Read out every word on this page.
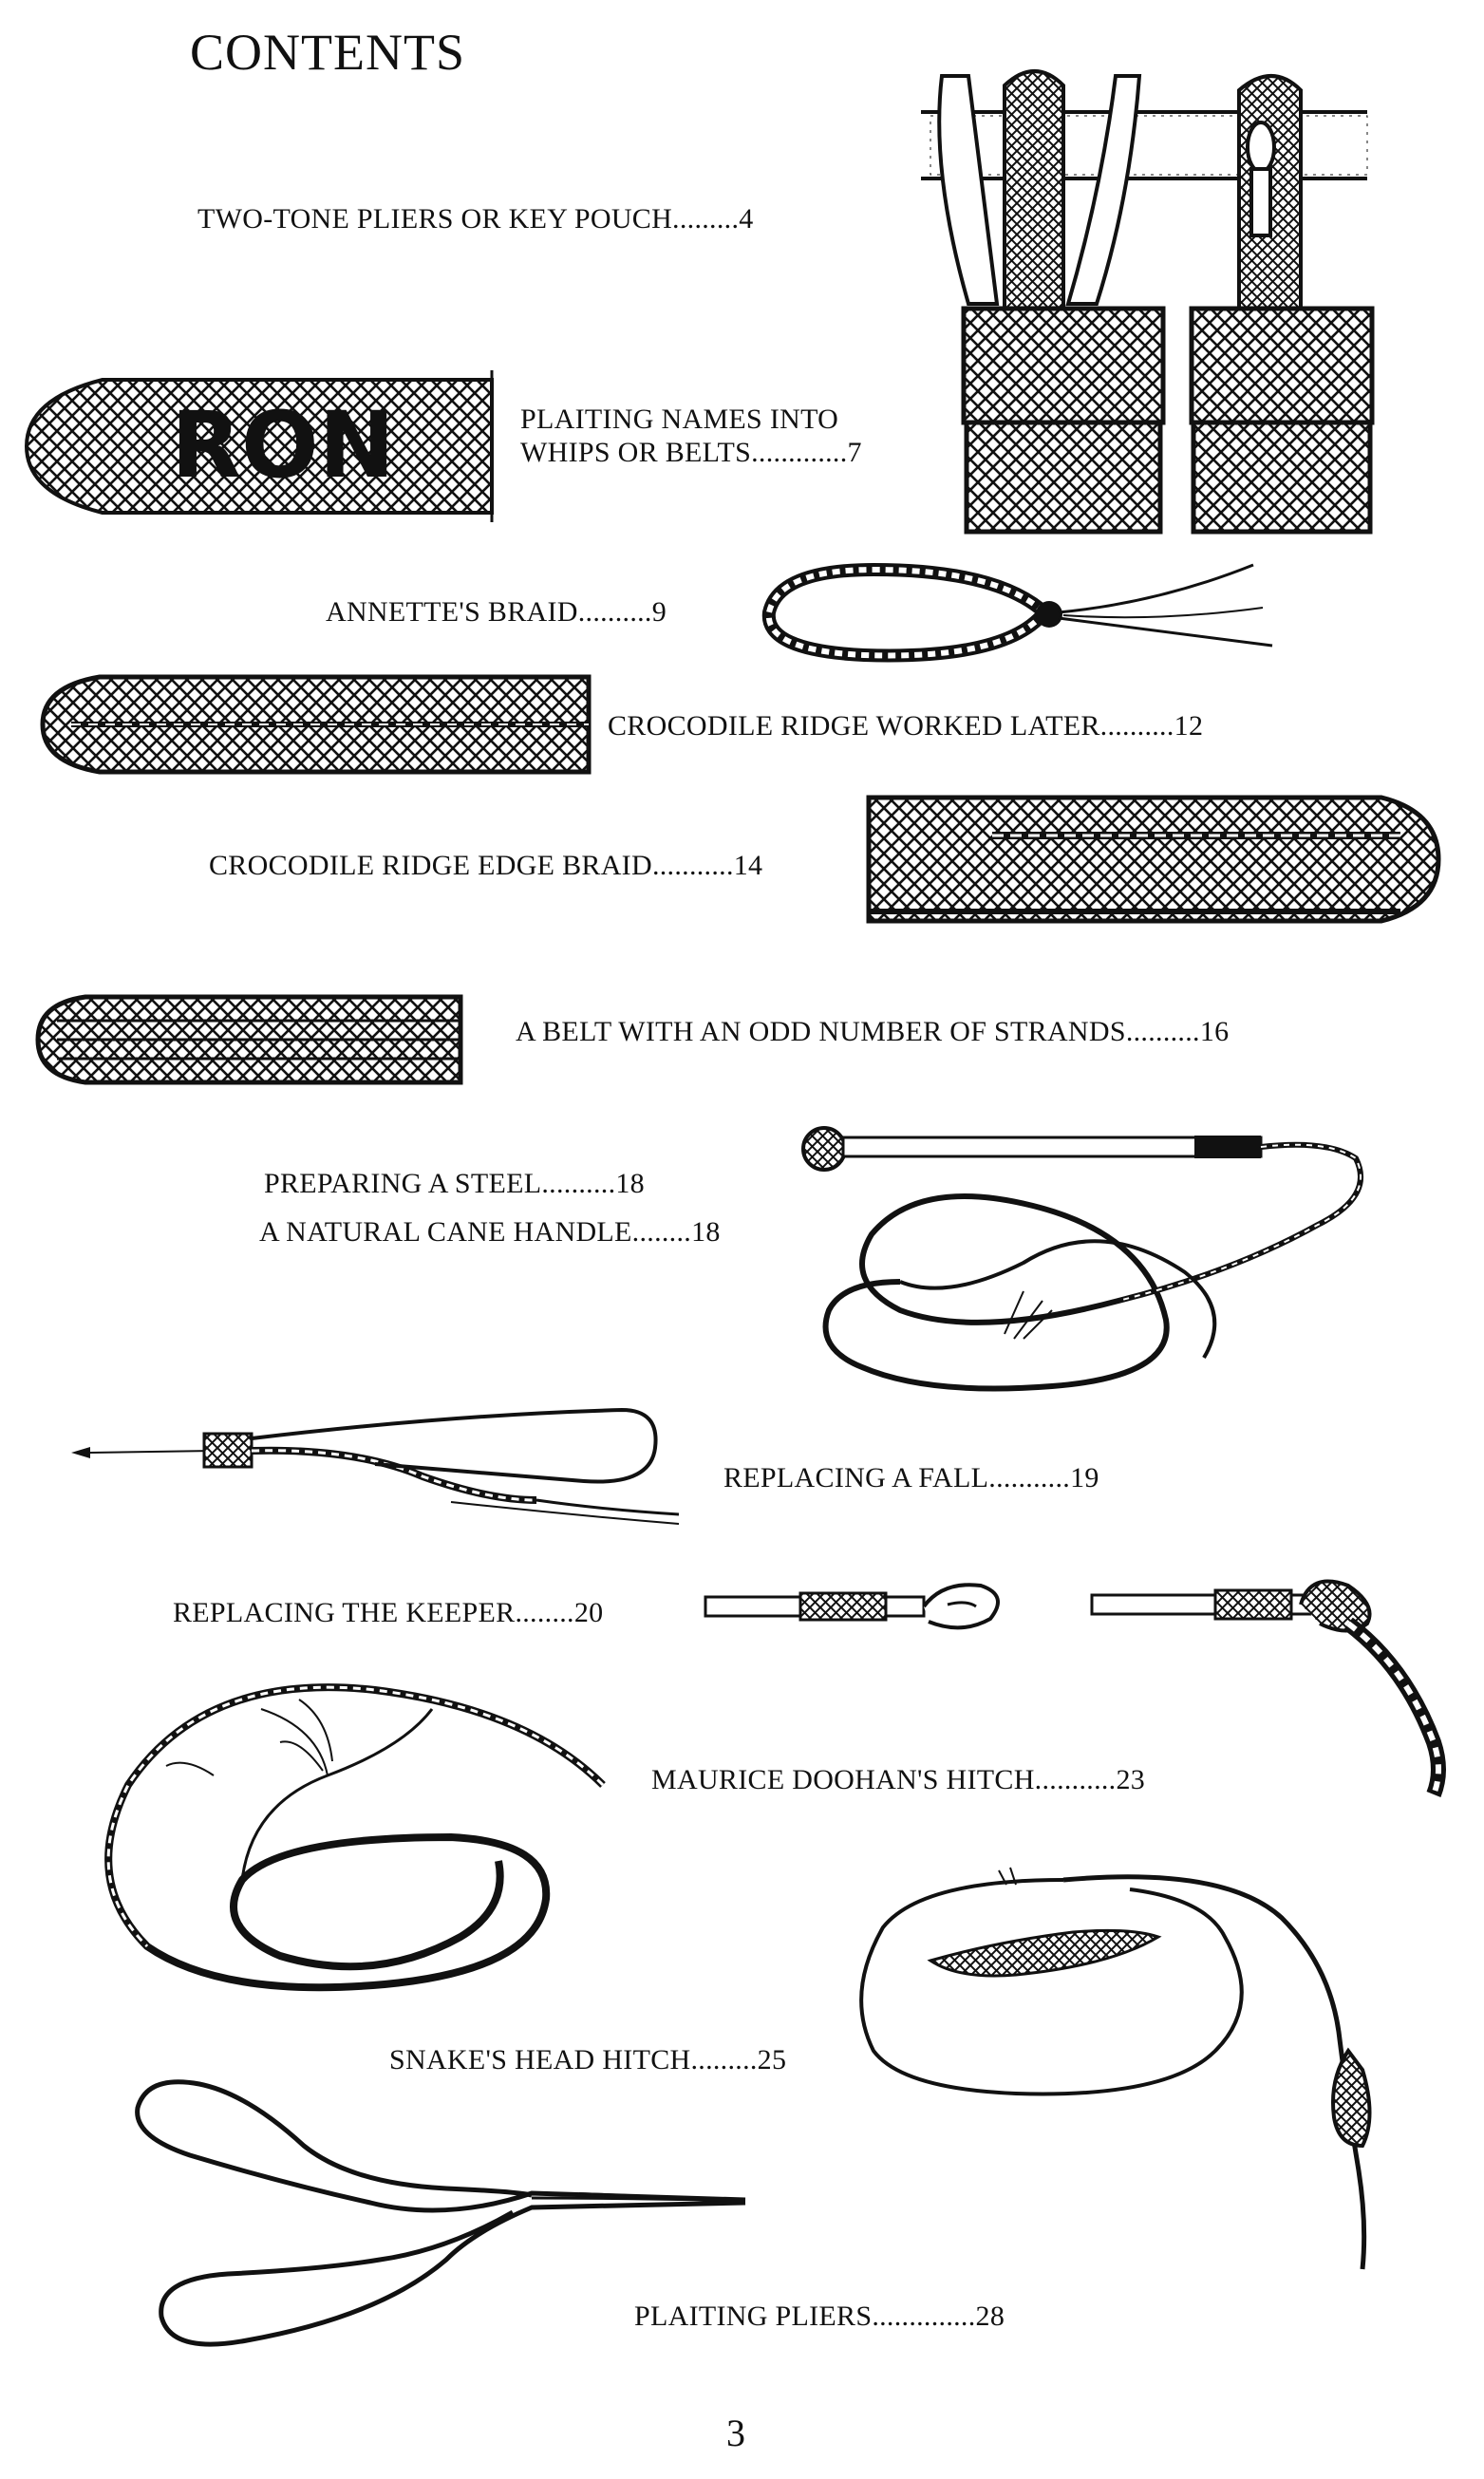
CONTENTS
RON
TWO-TONE PLIERS OR KEY POUCH.........4
PLAITING NAMES INTO
WHIPS OR BELTS.............7
ANNETTE'S BRAID..........9
CROCODILE RIDGE WORKED LATER..........12
CROCODILE RIDGE EDGE BRAID...........14
A BELT WITH AN ODD NUMBER OF STRANDS..........16
PREPARING A STEEL..........18
A NATURAL CANE HANDLE........18
REPLACING A FALL...........19
REPLACING THE KEEPER........20
MAURICE DOOHAN'S HITCH...........23
SNAKE'S HEAD HITCH.........25
PLAITING PLIERS..............28
3
